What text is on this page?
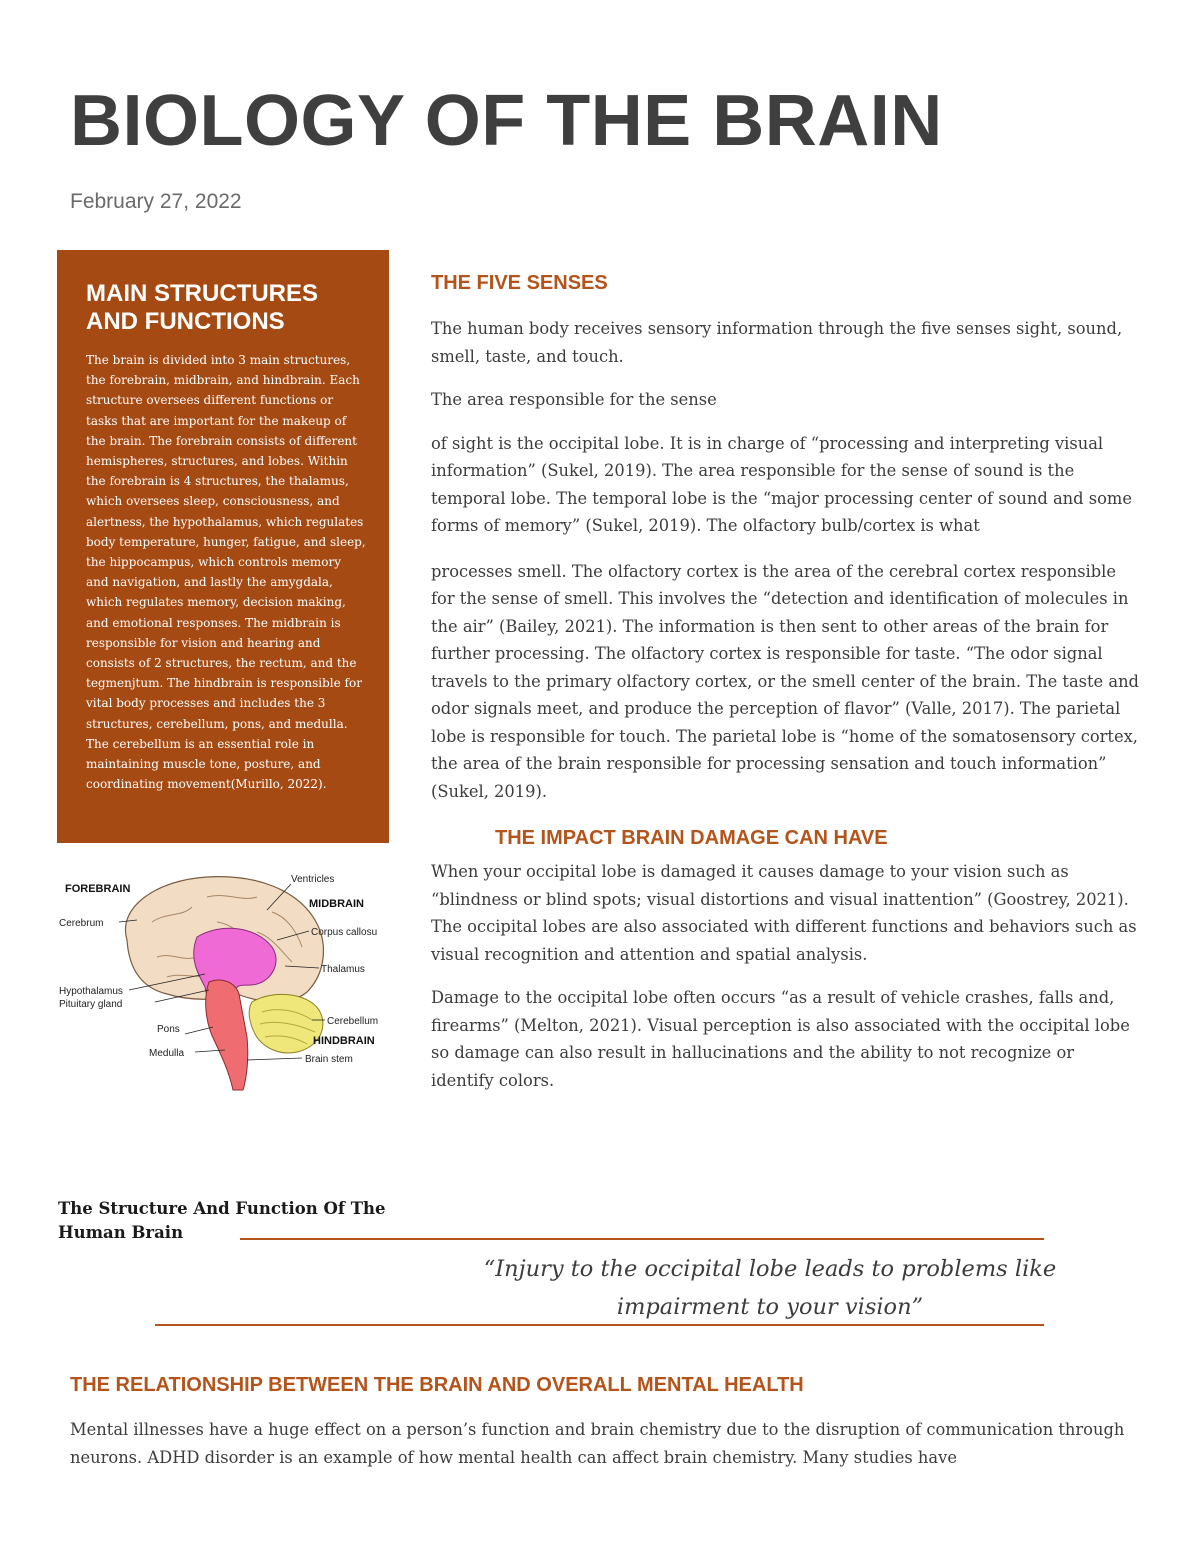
BIOLOGY OF THE BRAIN
February 27, 2022
MAIN STRUCTURES AND FUNCTIONS

The brain is divided into 3 main structures, the forebrain, midbrain, and hindbrain. Each structure oversees different functions or tasks that are important for the makeup of the brain. The forebrain consists of different hemispheres, structures, and lobes. Within the forebrain is 4 structures, the thalamus, which oversees sleep, consciousness, and alertness, the hypothalamus, which regulates body temperature, hunger, fatigue, and sleep, the hippocampus, which controls memory and navigation, and lastly the amygdala, which regulates memory, decision making, and emotional responses. The midbrain is responsible for vision and hearing and consists of 2 structures, the rectum, and the tegmenjtum. The hindbrain is responsible for vital body processes and includes the 3 structures, cerebellum, pons, and medulla. The cerebellum is an essential role in maintaining muscle tone, posture, and coordinating movement(Murillo, 2022).

FOREBRAIN
Cerebrum
Hypothalamus
Pituitary gland
Pons
Medulla
Ventricles
MIDBRAIN
Corpus callosu
Thalamus
Cerebellum
HINDBRAIN
Brain stem
THE FIVE SENSES

The human body receives sensory information through the five senses sight, sound, smell, taste, and touch.

The area responsible for the sense

of sight is the occipital lobe. It is in charge of “processing and interpreting visual information” (Sukel, 2019). The area responsible for the sense of sound is the temporal lobe. The temporal lobe is the “major processing center of sound and some forms of memory” (Sukel, 2019). The olfactory bulb/cortex is what

processes smell. The olfactory cortex is the area of the cerebral cortex responsible for the sense of smell. This involves the “detection and identification of molecules in the air” (Bailey, 2021). The information is then sent to other areas of the brain for further processing. The olfactory cortex is responsible for taste. “The odor signal travels to the primary olfactory cortex, or the smell center of the brain. The taste and odor signals meet, and produce the perception of flavor” (Valle, 2017). The parietal lobe is responsible for touch. The parietal lobe is “home of the somatosensory cortex, the area of the brain responsible for processing sensation and touch information” (Sukel, 2019).

THE IMPACT BRAIN DAMAGE CAN HAVE

When your occipital lobe is damaged it causes damage to your vision such as “blindness or blind spots; visual distortions and visual inattention” (Goostrey, 2021). The occipital lobes are also associated with different functions and behaviors such as visual recognition and attention and spatial analysis.

Damage to the occipital lobe often occurs “as a result of vehicle crashes, falls and, firearms” (Melton, 2021). Visual perception is also associated with the occipital lobe so damage can also result in hallucinations and the ability to not recognize or identify colors.

The Structure And Function Of The Human Brain
“Injury to the occipital lobe leads to problems like impairment to your vision”
THE RELATIONSHIP BETWEEN THE BRAIN AND OVERALL MENTAL HEALTH

Mental illnesses have a huge effect on a person’s function and brain chemistry due to the disruption of communication through neurons. ADHD disorder is an example of how mental health can affect brain chemistry. Many studies have
